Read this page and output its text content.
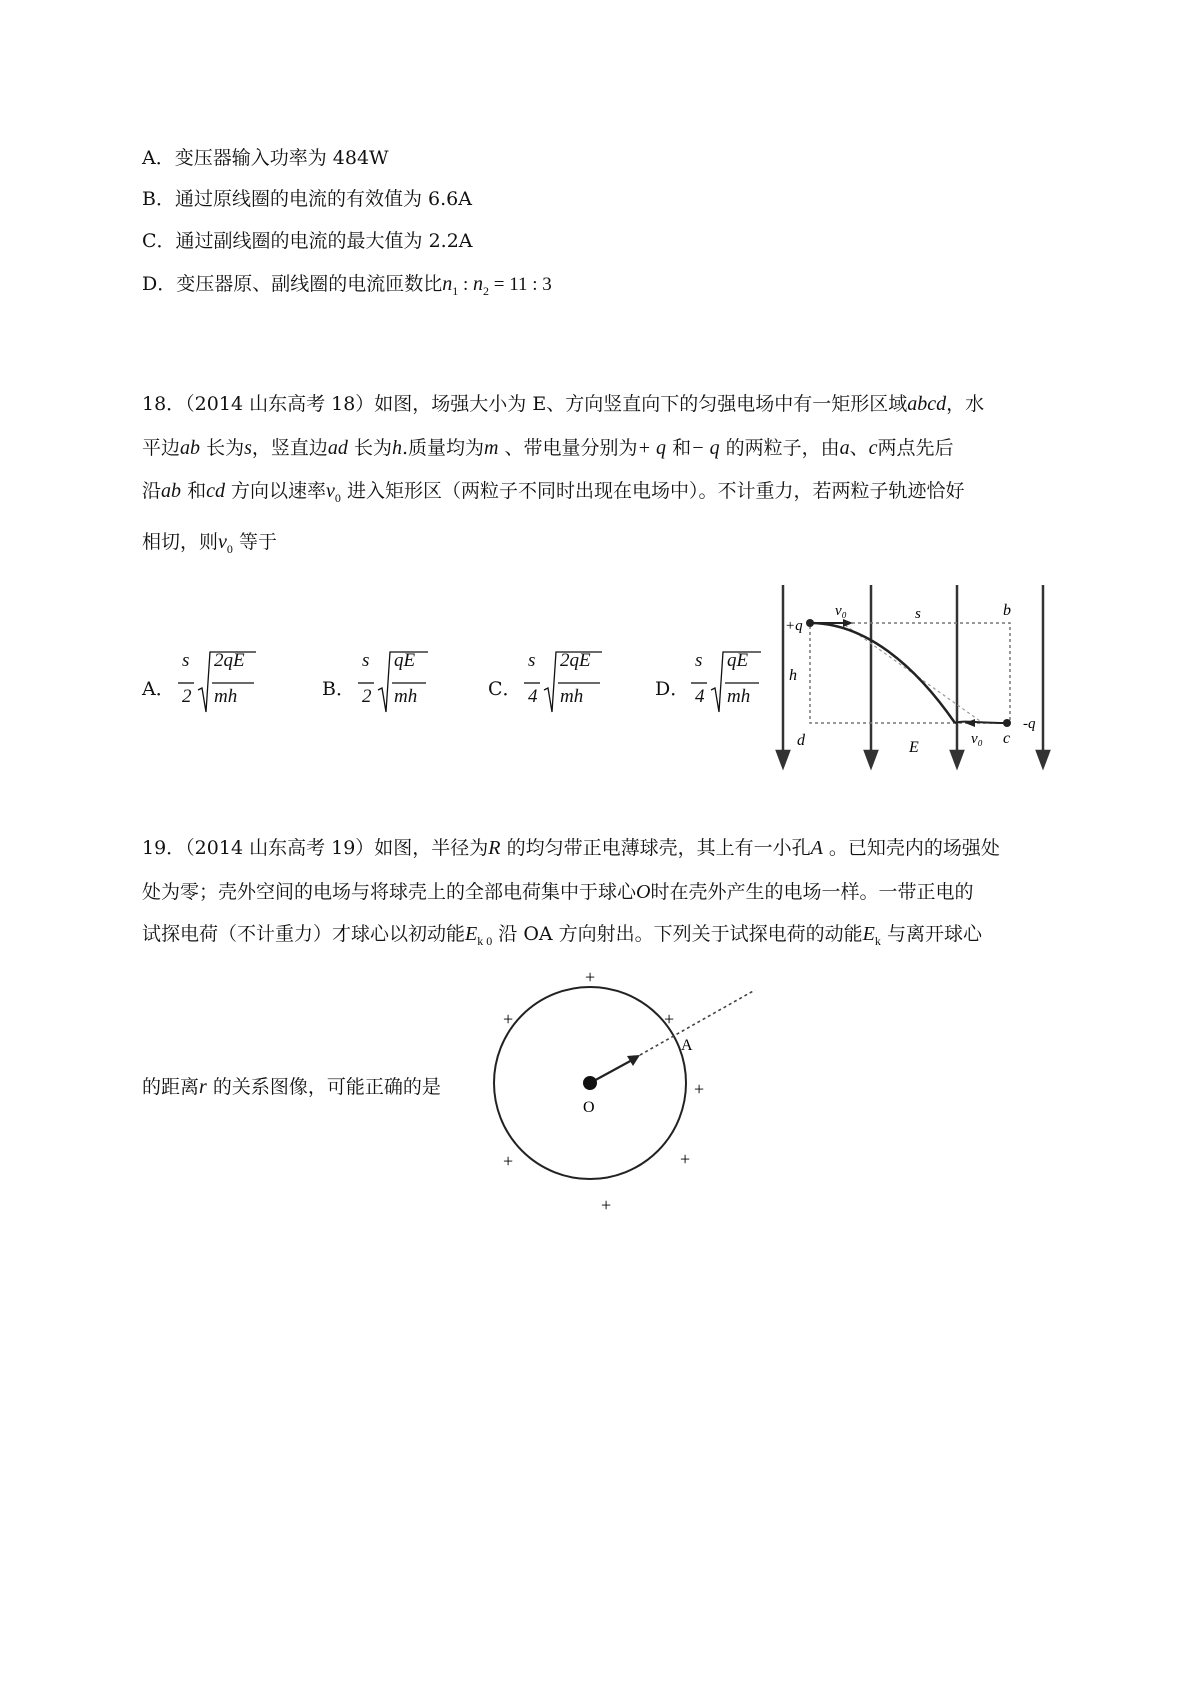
A．变压器输入功率为 484W
B．通过原线圈的电流的有效值为 6.6A
C．通过副线圈的电流的最大值为 2.2A
D．变压器原、副线圈的电流匝数比$n_1$ : $n_2 = 11$ : 3
18．（2014 山东高考 18）如图，场强大小为 E、方向竖直向下的匀强电场中有一矩形区域abcd，水
平边ab 长为s，竖直边ad 长为h.质量均为m 、带电量分别为+ q 和− q 的两粒子，由a、c两点先后
沿ab 和cd 方向以速率$v_0$ 进入矩形区（两粒子不同时出现在电场中）。不计重力，若两粒子轨迹恰好
相切，则$v_0$ 等于
A．
s
2
2qE
mh	B．
s
2
qE
mh	C．
s
4
2qE
mh	D．
s
4
qE
mh
+q
v₀	s	b
h
d	E	v₀ c
-q
19．（2014 山东高考 19）如图，半径为R 的均匀带正电薄球壳，其上有一小孔A 。已知壳内的场强处
处为零；壳外空间的电场与将球壳上的全部电荷集中于球心O时在壳外产生的电场一样。一带正电的
试探电荷（不计重力）才球心以初动能$E_{k 0}$ 沿 OA 方向射出。下列关于试探电荷的动能$E_k$ 与离开球心
的距离r 的关系图像，可能正确的是
O
A
+
+	+
+
+	+
+
